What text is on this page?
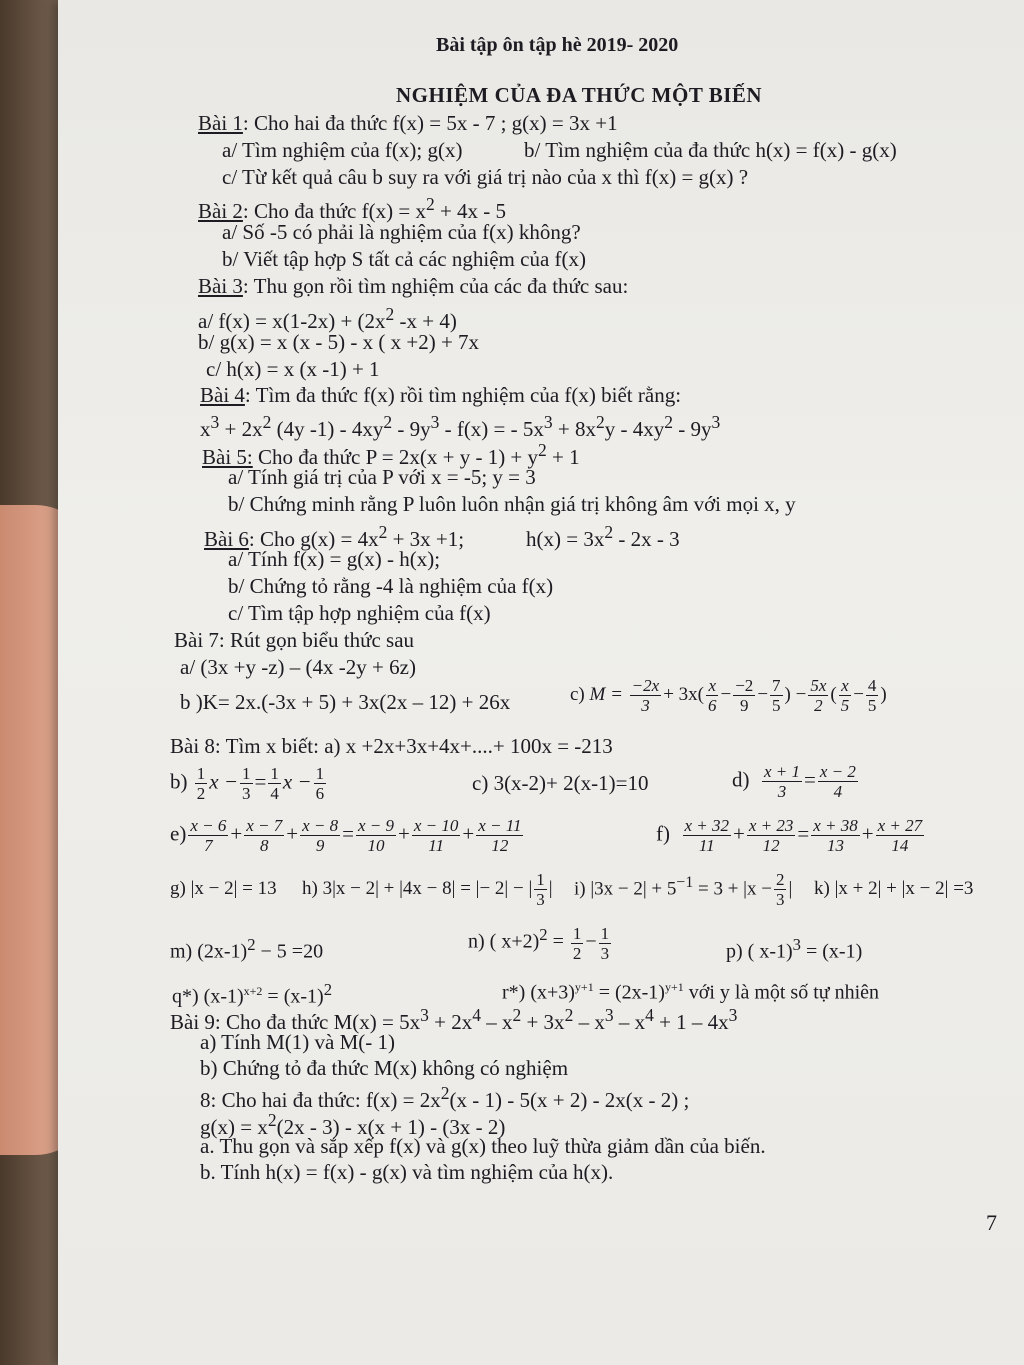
Bài tập ôn tập hè 2019- 2020
NGHIỆM CỦA ĐA THỨC MỘT BIẾN
Bài 1: Cho hai đa thức f(x) = 5x - 7 ; g(x) = 3x +1
a/ Tìm nghiệm của f(x); g(x)	b/ Tìm nghiệm của đa thức h(x) = f(x) - g(x)
c/ Từ kết quả câu b suy ra với giá trị nào của x thì f(x) = g(x) ?
Bài 2: Cho đa thức $f(x) = x^2 + 4x - 5$
a/ Số -5 có phải là nghiệm của f(x) không?
b/ Viết tập hợp S tất cả các nghiệm của f(x)
Bài 3: Thu gọn rồi tìm nghiệm của các đa thức sau:
a/ $f(x) = x(1-2x) + (2x^2$ -x + 4)
b/ g(x) = x (x - 5) - x ( x +2) + 7x
c/ h(x) = x (x -1) + 1
Bài 4: Tìm đa thức f(x) rồi tìm nghiệm của f(x) biết rằng:
$x^3 + 2x^2$ (4y $-1) - 4xy^2 - 9y^3 - f(x)$ = - $5x^3 + 8x^2y - 4xy^2 - 9y^3$
Bài 5: Cho đa thức $P = 2x(x + y - 1) + y^2 + 1$
a/ Tính giá trị của P với x = -5; y = 3
b/ Chứng minh rằng P luôn luôn nhận giá trị không âm với mọi x, y
Bài 6: Cho $g(x) = 4x^2 + 3x +1$;	$h(x) = 3x^2 - 2x - 3$
a/ Tính f(x) = g(x) - h(x);
b/ Chứng tỏ rằng -4 là nghiệm của f(x)
c/ Tìm tập hợp nghiệm của f(x)
Bài 7: Rút gọn biểu thức sau
a/ (3x +y -z) – (4x -2y + 6z)
b )K= 2x.(-3x + 5) + 3x(2x – 12) + 26x	c) $M = \frac{-2x}{3} + 3x( \frac{x}{6} - \frac{-2}{9} - \frac{7}{5}$ ) − $\frac{5x}{2}$ ( $\frac{x}{5} - \frac{4}{5}$ )
Bài 8: Tìm x biết: a) x +2x+3x+4x+....+ 100x = -213
$b) \frac{1}{2}$ $x - \frac{1}{3} = \frac{1}{4}$ $x - \frac{1}{6}$	c) 3(x-2)+ 2(x-1)=10	$d) \frac{x + 1}{3} = \frac{x - 2}{4}$
$e) \frac{x - 6}{7} + \frac{x - 7}{8} + \frac{x - 8}{9} = \frac{x - 9}{10} + \frac{x - 10}{11} + \frac{x - 11}{12}$	$f) \frac{x + 32}{11} + \frac{x + 23}{12} = \frac{x + 38}{13} + \frac{x + 27}{14}$
g) |x − 2| = 13 h) 3|x − 2| + |4x − 8| = |− 2| − | $\frac{1}{3}$ | i) $|3x - 2| + 5^{-1} = 3 + |x - \frac{2}{3}$ | k) |x + 2| + |x − 2| =3
m) $(2x-1)^2 - 5 =20$	n) ( $x+2)^2 = \frac{1}{2} - \frac{1}{3}$	p) ( x-1)$^3$ = (x-1)
q*) $(x-1)^{x+2} = (x-1)^2$	r*) $(x+3)^{y+1} = (2x-1)^{y+1}$ với y là một số tự nhiên
Bài 9: Cho đa thức $M(x) = 5x^3 + 2x^4 - x^2 + 3x^2 - x^3 - x^4 + 1 - 4x^3$
a) Tính M(1) và M(- 1)
b) Chứng tỏ đa thức M(x) không có nghiệm
8: Cho hai đa thức: $f(x) = 2x^2(x - 1) - 5(x + 2) - 2x(x - 2)$ ;
$g(x) = x^2(2x - 3) - x(x + 1) - (3x - 2)$
a. Thu gọn và sắp xếp f(x) và g(x) theo luỹ thừa giảm dần của biến.
b. Tính h(x) = f(x) - g(x) và tìm nghiệm của h(x).
7
